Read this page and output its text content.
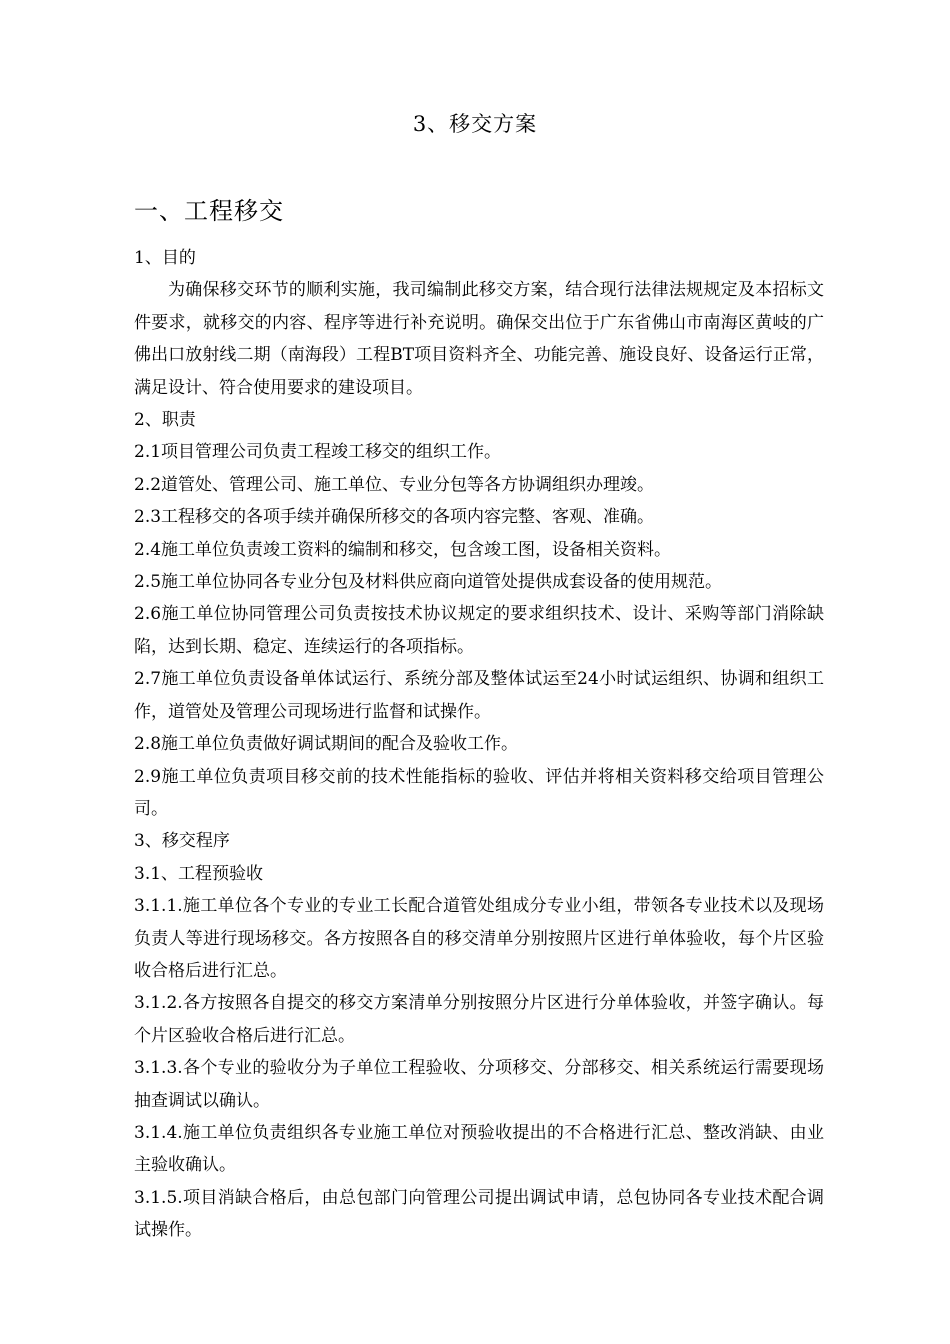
3、移交方案
一、工程移交

1、目的

为确保移交环节的顺利实施，我司编制此移交方案，结合现行法律法规规定及本招标文件要求，就移交的内容、程序等进行补充说明。确保交出位于广东省佛山市南海区黄岐的广佛出口放射线二期（南海段）工程BT项目资料齐全、功能完善、施设良好、设备运行正常，满足设计、符合使用要求的建设项目。

2、职责

2.1项目管理公司负责工程竣工移交的组织工作。

2.2道管处、管理公司、施工单位、专业分包等各方协调组织办理竣。

2.3工程移交的各项手续并确保所移交的各项内容完整、客观、准确。

2.4施工单位负责竣工资料的编制和移交，包含竣工图，设备相关资料。

2.5施工单位协同各专业分包及材料供应商向道管处提供成套设备的使用规范。

2.6施工单位协同管理公司负责按技术协议规定的要求组织技术、设计、采购等部门消除缺陷，达到长期、稳定、连续运行的各项指标。

2.7施工单位负责设备单体试运行、系统分部及整体试运至24小时试运组织、协调和组织工作，道管处及管理公司现场进行监督和试操作。

2.8施工单位负责做好调试期间的配合及验收工作。

2.9施工单位负责项目移交前的技术性能指标的验收、评估并将相关资料移交给项目管理公司。

3、移交程序

3.1、工程预验收

3.1.1.施工单位各个专业的专业工长配合道管处组成分专业小组，带领各专业技术以及现场负责人等进行现场移交。各方按照各自的移交清单分别按照片区进行单体验收，每个片区验收合格后进行汇总。

3.1.2.各方按照各自提交的移交方案清单分别按照分片区进行分单体验收，并签字确认。每个片区验收合格后进行汇总。

3.1.3.各个专业的验收分为子单位工程验收、分项移交、分部移交、相关系统运行需要现场抽查调试以确认。

3.1.4.施工单位负责组织各专业施工单位对预验收提出的不合格进行汇总、整改消缺、由业主验收确认。

3.1.5.项目消缺合格后，由总包部门向管理公司提出调试申请，总包协同各专业技术配合调试操作。
